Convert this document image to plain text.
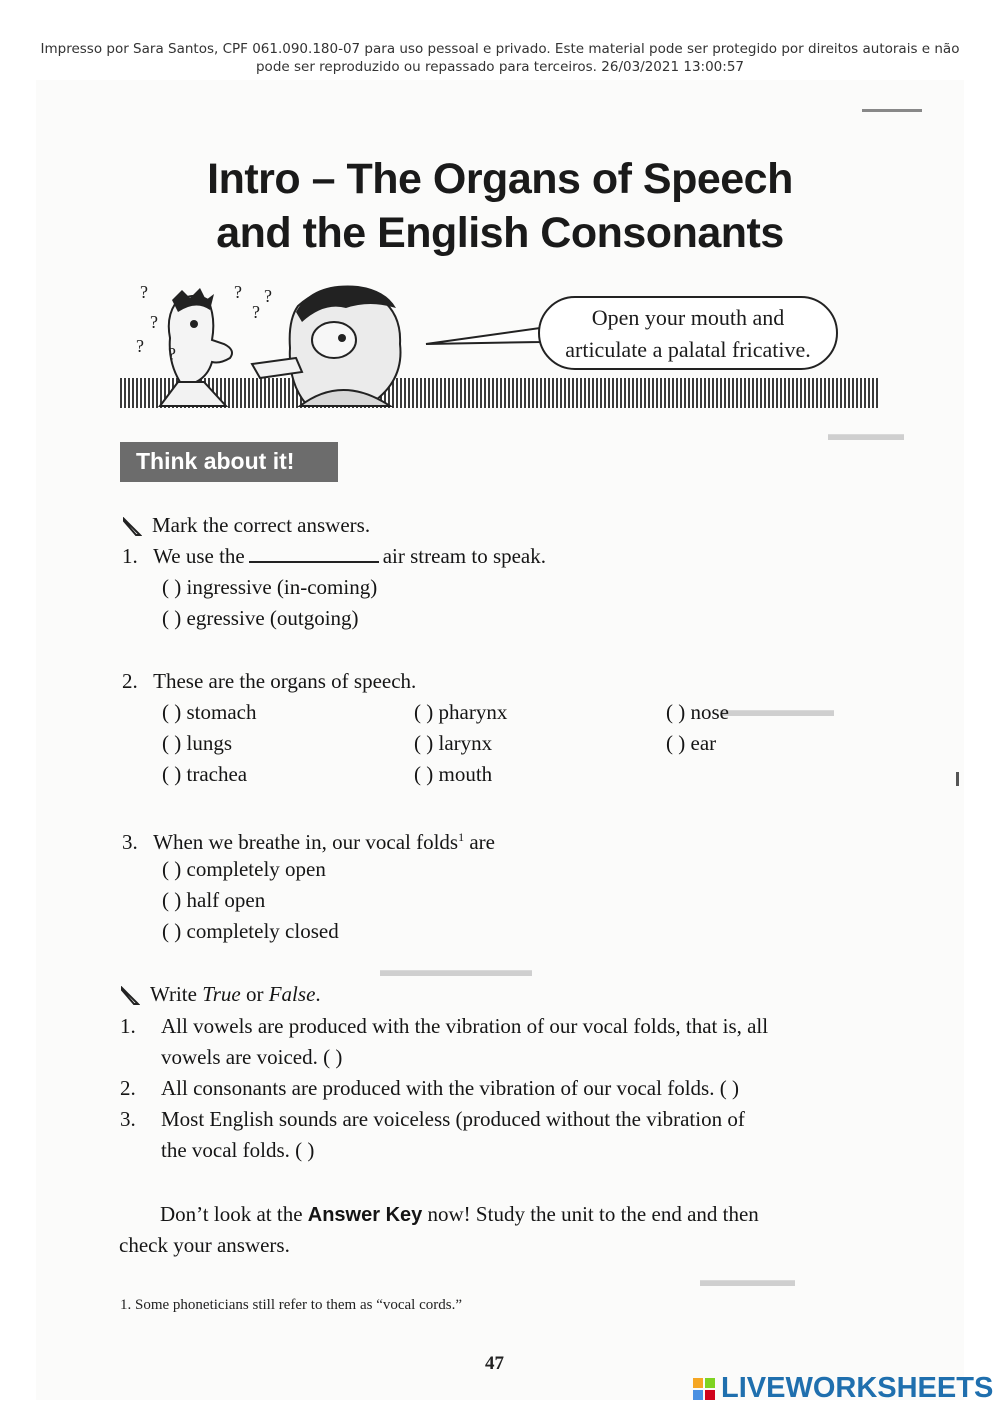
Impresso por Sara Santos, CPF 061.090.180-07 para uso pessoal e privado. Este material pode ser protegido por direitos autorais e não
pode ser reproduzido ou repassado para terceiros. 26/03/2021 13:00:57
▬▬▬▬▬▬
▬▬▬▬
▬▬▬▬▬▬
▬▬▬▬▬▬▬▬
▬▬▬▬▬
Intro – The Organs of Speech
and the English Consonants
?
?
? ?
? ?
?	Open your mouth and
articulate a palatal fricative.
Think about it!
Mark the correct answers.
1. We use the	air stream to speak.
( ) ingressive (in-coming)
( ) egressive (outgoing)
2. These are the organs of speech.
( ) stomach
( ) lungs
( ) trachea
( ) pharynx
( ) larynx
( ) mouth
( ) nose
( ) ear
3. When we breathe in, our vocal folds$^1$ are
( ) completely open
( ) half open
( ) completely closed
Write True or False.
1. All vowels are produced with the vibration of our vocal folds, that is, all
vowels are voiced. ( )
2. All consonants are produced with the vibration of our vocal folds. ( )
3. Most English sounds are voiceless (produced without the vibration of
the vocal folds. ( )
Don’t look at the Answer Key now! Study the unit to the end and then
check your answers.
1. Some phoneticians still refer to them as “vocal cords.”
47
LIVEWORKSHEETS
